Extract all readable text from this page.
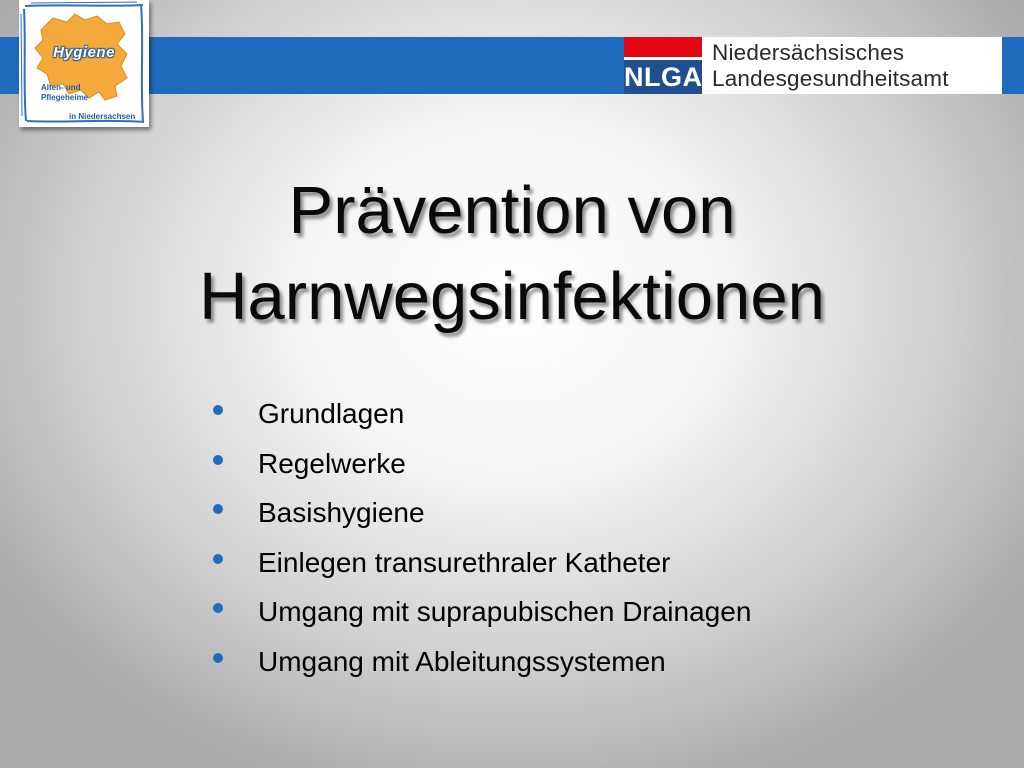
Hygiene
Alten- und
Pflegeheime
in Niedersachsen
NLGA
Niedersächsisches
Landesgesundheitsamt
Prävention von
Harnwegsinfektionen
Grundlagen
Regelwerke
Basishygiene
Einlegen transurethraler Katheter
Umgang mit suprapubischen Drainagen
Umgang mit Ableitungssystemen
